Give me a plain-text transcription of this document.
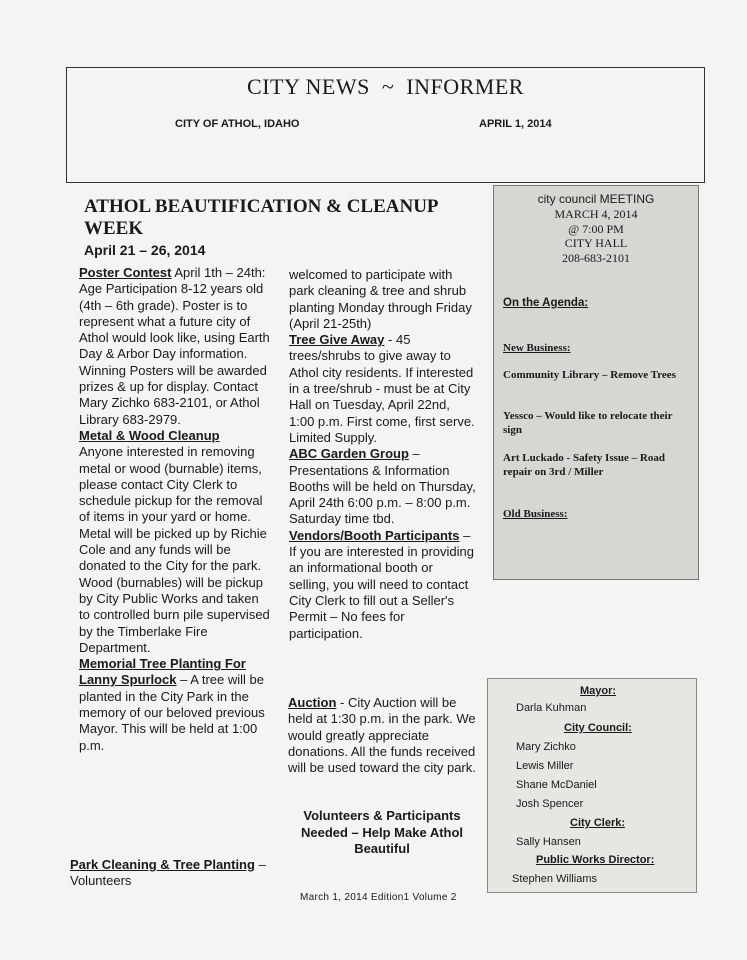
CITY NEWS  ~  INFORMER
CITY OF ATHOL, IDAHO	APRIL 1, 2014
ATHOL BEAUTIFICATION & CLEANUP WEEK
April 21 – 26, 2014
Poster Contest April 1th – 24th: Age Participation 8-12 years old (4th – 6th grade). Poster is to represent what a future city of Athol would look like, using Earth Day & Arbor Day information. Winning Posters will be awarded prizes & up for display. Contact Mary Zichko 683-2101, or Athol Library 683-2979.
Metal & Wood Cleanup
Anyone interested in removing metal or wood (burnable) items, please contact City Clerk to schedule pickup for the removal of items in your yard or home. Metal will be picked up by Richie Cole and any funds will be donated to the City for the park. Wood (burnables) will be pickup by City Public Works and taken to controlled burn pile supervised by the Timberlake Fire Department.
Memorial Tree Planting For Lanny Spurlock – A tree will be planted in the City Park in the memory of our beloved previous Mayor. This will be held at 1:00 p.m.
Park Cleaning & Tree Planting – Volunteers
welcomed to participate with park cleaning & tree and shrub planting Monday through Friday (April 21-25th)
Tree Give Away - 45 trees/shrubs to give away to Athol city residents. If interested in a tree/shrub - must be at City Hall on Tuesday, April 22nd, 1:00 p.m. First come, first serve. Limited Supply.
ABC Garden Group – Presentations & Information Booths will be held on Thursday, April 24th 6:00 p.m. – 8:00 p.m. Saturday time tbd.
Vendors/Booth Participants – If you are interested in providing an informational booth or selling, you will need to contact City Clerk to fill out a Seller's Permit – No fees for participation.
Auction - City Auction will be held at 1:30 p.m. in the park. We would greatly appreciate donations. All the funds received will be used toward the city park.
Volunteers & Participants Needed – Help Make Athol Beautiful
city council MEETING
MARCH 4, 2014
@ 7:00 PM
CITY HALL
208-683-2101
On the Agenda:
New Business:
Community Library – Remove Trees
Yessco – Would like to relocate their sign
Art Luckado - Safety Issue – Road repair on 3rd / Miller
Old Business:
Mayor:
Darla Kuhman
City Council:
Mary Zichko
Lewis Miller
Shane McDaniel
Josh Spencer
City Clerk:
Sally Hansen
Public Works Director:
Stephen Williams
March 1, 2014 Edition1 Volume 2
